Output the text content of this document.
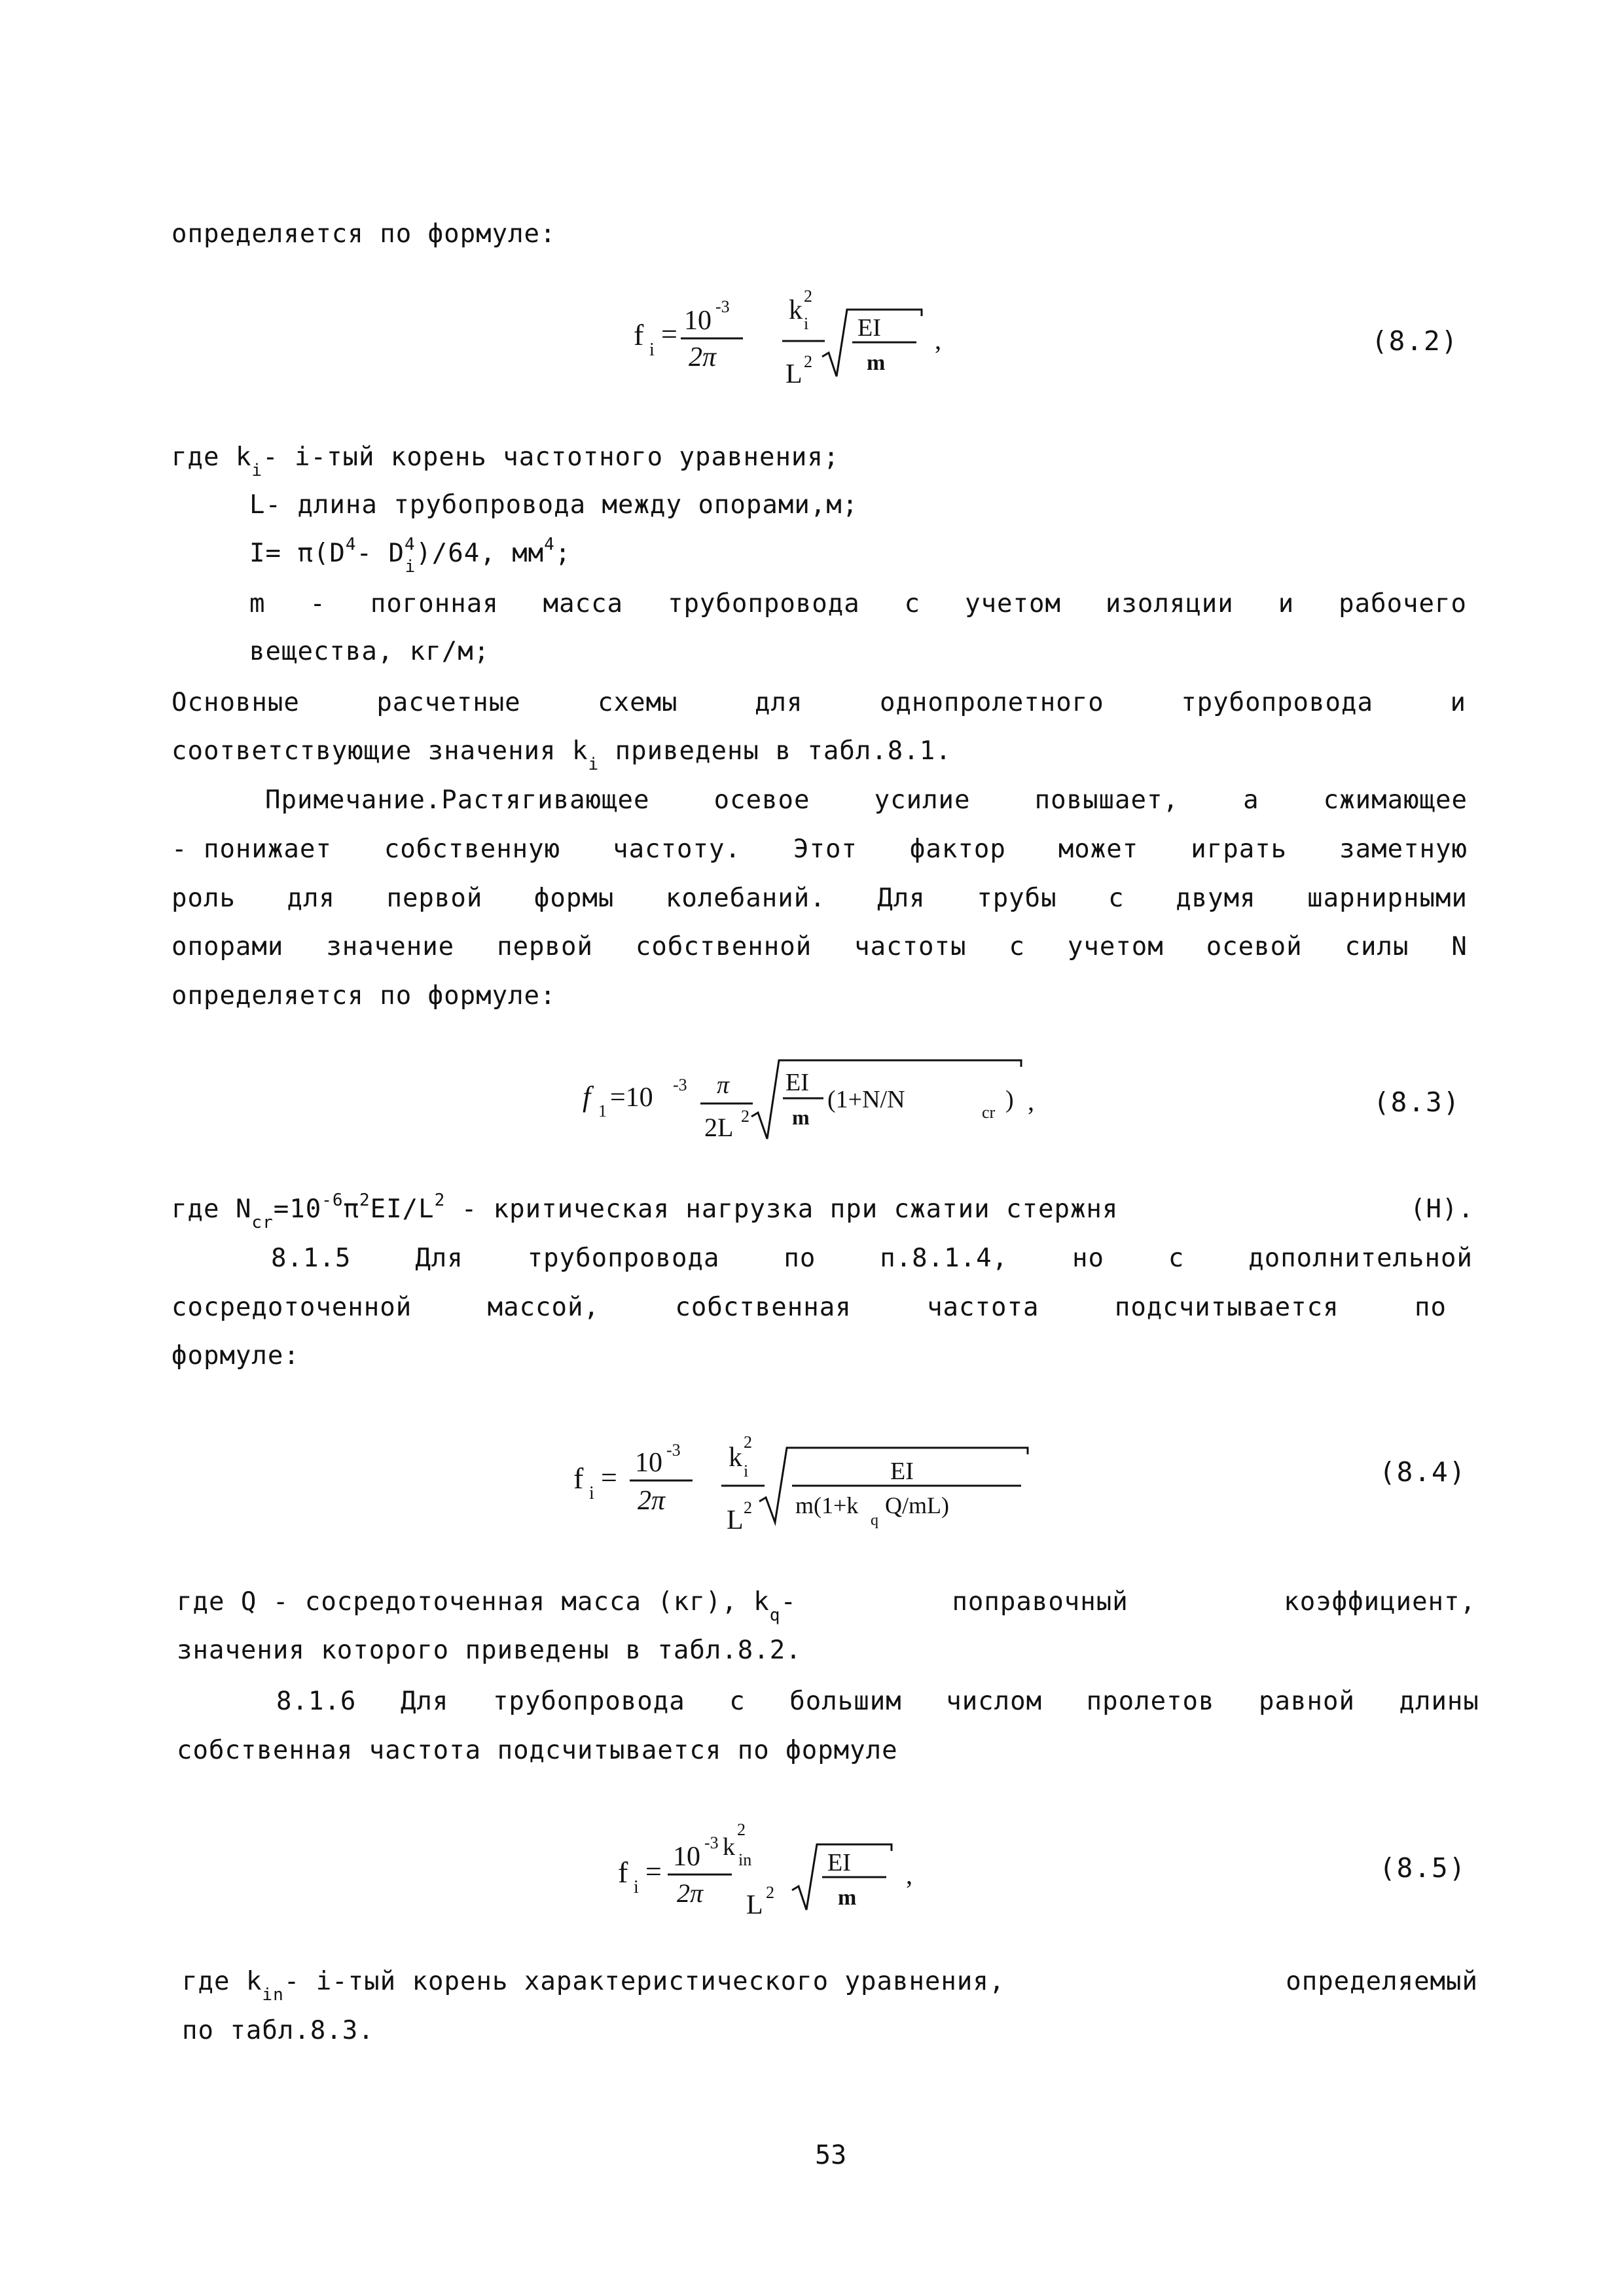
определяется по формуле:
f i = 10 -3
2π
k 2
i
L 2
EI
m
,	(8.2)
где $k_i-$ i-тый корень частотного уравнения;
L- длина трубопровода между опорами,м;
$I= \pi(D^4-$ $D^4_i)/64$, $мм^4$;
m - погонная масса трубопровода с учетом изоляции и рабочего
вещества, кг/м;
Основные	расчетные	схемы	для	однопролетного	трубопровода	и
соответствующие значения $k_i$ приведены в табл.8.1.
Примечание.Растягивающее	осевое	усилие	повышает,	а	сжимающее
- понижает собственную частоту. Этот фактор может играть заметную
роль для первой формы колебаний. Для трубы с двумя шарнирными
опорами значение первой собственной частоты с учетом осевой силы N
определяется по формуле:
f 1 =10 -3 π
2L 2
EI
m
(1+N/N	cr ) ,	(8.3)
где $N_{cr}=10^{-6}\pi^2EI/L^2$ - критическая нагрузка при сжатии стержня	(Н).
8.1.5	Для	трубопровода	по	п.8.1.4,	но	с	дополнительной
сосредоточенной	массой,	собственная	частота	подсчитывается	по
формуле:
f i = 10 -3
2π
k
2
i
L 2
EI
m(1+k
q
Q/mL)
(8.4)
где Q - сосредоточенная масса (кг), $k_q-$	поправочный	коэффициент,
значения которого приведены в табл.8.2.
8.1.6 Для трубопровода с большим числом пролетов равной длины
собственная частота подсчитывается по формуле
f i = 10 -3 k
2
in
2π L 2
EI
m
,	(8.5)
где $k_{in}-$ i-тый корень характеристического уравнения,	определяемый
по табл.8.3.
53
